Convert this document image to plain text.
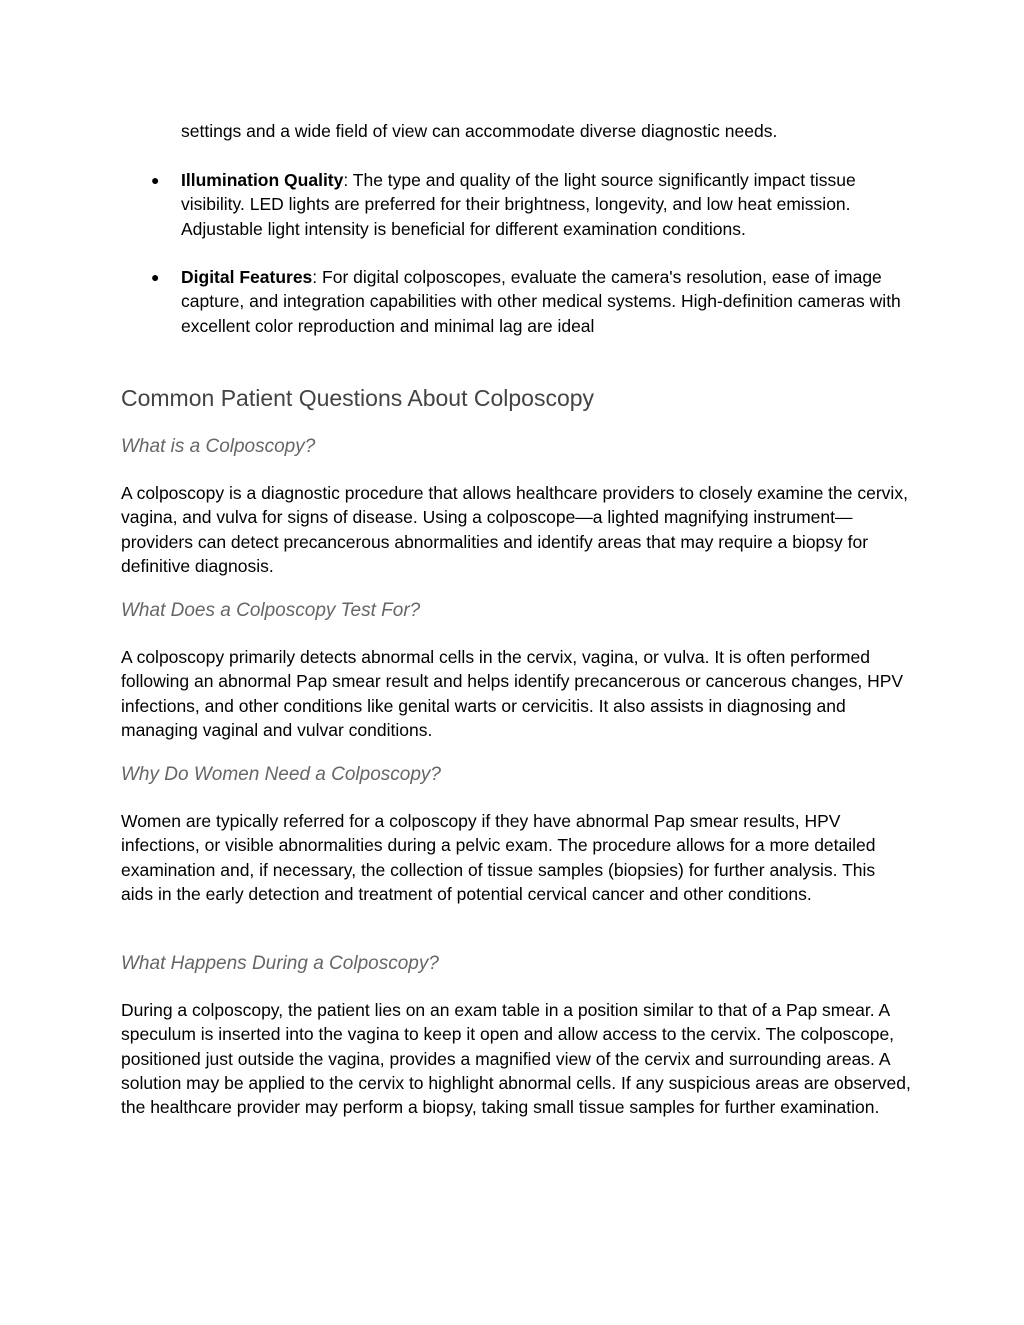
settings and a wide field of view can accommodate diverse diagnostic needs.

● Illumination Quality: The type and quality of the light source significantly impact tissue visibility. LED lights are preferred for their brightness, longevity, and low heat emission. Adjustable light intensity is beneficial for different examination conditions.
● Digital Features: For digital colposcopes, evaluate the camera's resolution, ease of image capture, and integration capabilities with other medical systems. High-definition cameras with excellent color reproduction and minimal lag are ideal
Common Patient Questions About Colposcopy
What is a Colposcopy?

A colposcopy is a diagnostic procedure that allows healthcare providers to closely examine the cervix, vagina, and vulva for signs of disease. Using a colposcope—a lighted magnifying instrument—providers can detect precancerous abnormalities and identify areas that may require a biopsy for definitive diagnosis.

What Does a Colposcopy Test For?

A colposcopy primarily detects abnormal cells in the cervix, vagina, or vulva. It is often performed following an abnormal Pap smear result and helps identify precancerous or cancerous changes, HPV infections, and other conditions like genital warts or cervicitis. It also assists in diagnosing and managing vaginal and vulvar conditions.

Why Do Women Need a Colposcopy?

Women are typically referred for a colposcopy if they have abnormal Pap smear results, HPV infections, or visible abnormalities during a pelvic exam. The procedure allows for a more detailed examination and, if necessary, the collection of tissue samples (biopsies) for further analysis. This aids in the early detection and treatment of potential cervical cancer and other conditions.

What Happens During a Colposcopy?

During a colposcopy, the patient lies on an exam table in a position similar to that of a Pap smear. A speculum is inserted into the vagina to keep it open and allow access to the cervix. The colposcope, positioned just outside the vagina, provides a magnified view of the cervix and surrounding areas. A solution may be applied to the cervix to highlight abnormal cells. If any suspicious areas are observed, the healthcare provider may perform a biopsy, taking small tissue samples for further examination.
